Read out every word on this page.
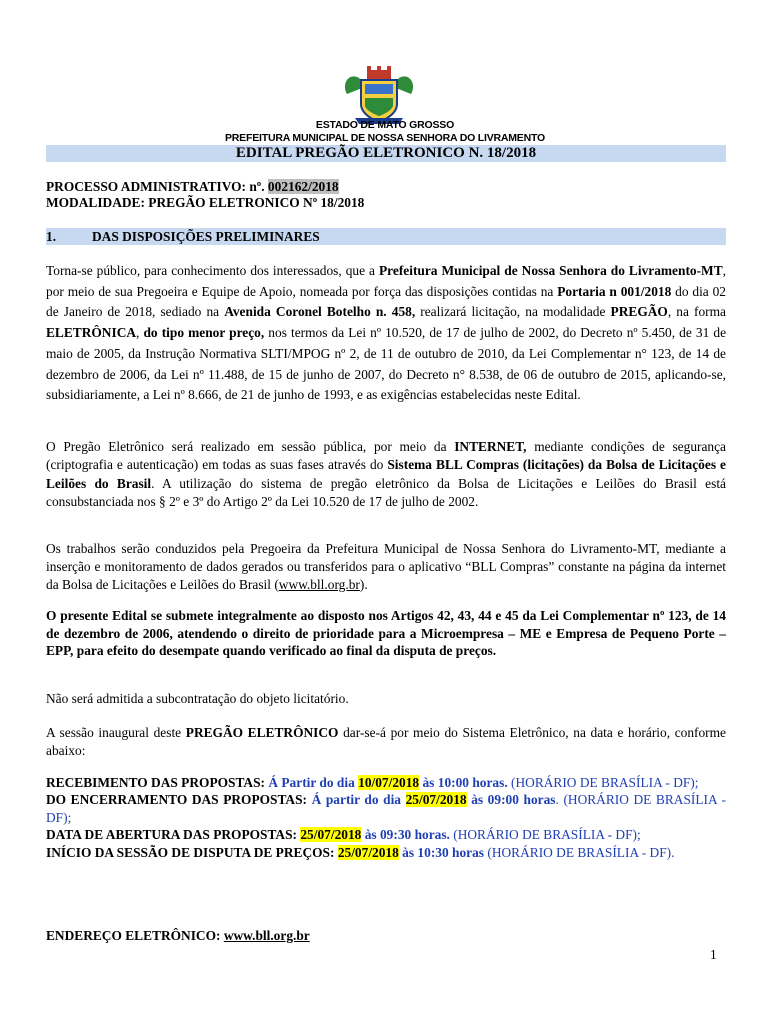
ESTADO DE MATO GROSSO
PREFEITURA MUNICIPAL DE NOSSA SENHORA DO LIVRAMENTO
EDITAL PREGÃO ELETRONICO N. 18/2018
PROCESSO ADMINISTRATIVO: nº. 002162/2018
MODALIDADE: PREGÃO ELETRONICO Nº 18/2018
1.	DAS DISPOSIÇÕES PRELIMINARES
Torna-se público, para conhecimento dos interessados, que a Prefeitura Municipal de Nossa Senhora do Livramento-MT, por meio de sua Pregoeira e Equipe de Apoio, nomeada por força das disposições contidas na Portaria n 001/2018 do dia 02 de Janeiro de 2018, sediado na Avenida Coronel Botelho n. 458, realizará licitação, na modalidade PREGÃO, na forma ELETRÔNICA, do tipo menor preço, nos termos da Lei nº 10.520, de 17 de julho de 2002, do Decreto nº 5.450, de 31 de maio de 2005, da Instrução Normativa SLTI/MPOG nº 2, de 11 de outubro de 2010, da Lei Complementar n° 123, de 14 de dezembro de 2006, da Lei nº 11.488, de 15 de junho de 2007, do Decreto n° 8.538, de 06 de outubro de 2015, aplicando-se, subsidiariamente, a Lei nº 8.666, de 21 de junho de 1993, e as exigências estabelecidas neste Edital.
O Pregão Eletrônico será realizado em sessão pública, por meio da INTERNET, mediante condições de segurança (criptografia e autenticação) em todas as suas fases através do Sistema BLL Compras (licitações) da Bolsa de Licitações e Leilões do Brasil. A utilização do sistema de pregão eletrônico da Bolsa de Licitações e Leilões do Brasil está consubstanciada nos § 2º e 3º do Artigo 2º da Lei 10.520 de 17 de julho de 2002.
Os trabalhos serão conduzidos pela Pregoeira da Prefeitura Municipal de Nossa Senhora do Livramento-MT, mediante a inserção e monitoramento de dados gerados ou transferidos para o aplicativo “BLL Compras” constante na página da internet da Bolsa de Licitações e Leilões do Brasil (www.bll.org.br).
O presente Edital se submete integralmente ao disposto nos Artigos 42, 43, 44 e 45 da Lei Complementar nº 123, de 14 de dezembro de 2006, atendendo o direito de prioridade para a Microempresa – ME e Empresa de Pequeno Porte – EPP, para efeito do desempate quando verificado ao final da disputa de preços.
Não será admitida a subcontratação do objeto licitatório.
A sessão inaugural deste PREGÃO ELETRÔNICO dar-se-á por meio do Sistema Eletrônico, na data e horário, conforme abaixo:
RECEBIMENTO DAS PROPOSTAS: Á Partir do dia 10/07/2018 às 10:00 horas. (HORÁRIO DE BRASÍLIA - DF);
DO ENCERRAMENTO DAS PROPOSTAS: Á partir do dia 25/07/2018 às 09:00 horas. (HORÁRIO DE BRASÍLIA - DF);
DATA DE ABERTURA DAS PROPOSTAS: 25/07/2018 às 09:30 horas. (HORÁRIO DE BRASÍLIA - DF);
INÍCIO DA SESSÃO DE DISPUTA DE PREÇOS: 25/07/2018 às 10:30 horas (HORÁRIO DE BRASÍLIA - DF).
ENDEREÇO ELETRÔNICO: www.bll.org.br
1
